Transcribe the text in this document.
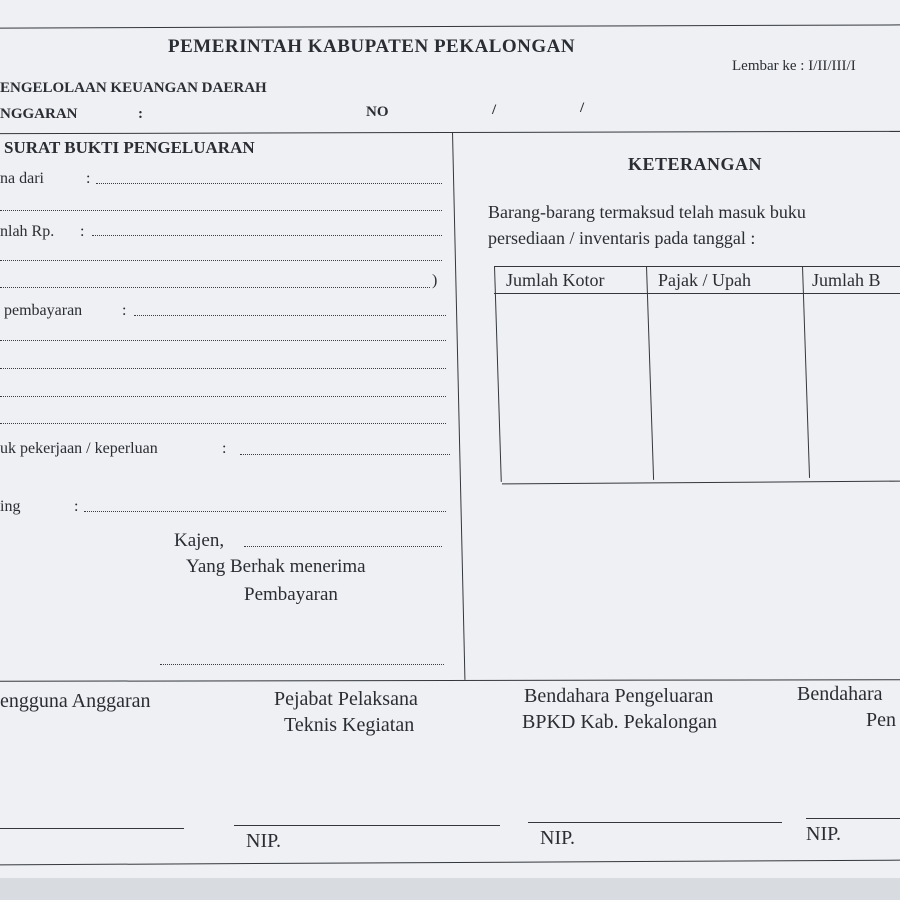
PEMERINTAH KABUPATEN PEKALONGAN
Lembar ke : I/II/III/I
ENGELOLAAN KEUANGAN DAERAH
NGGARAN	:	NO	/	/
SURAT BUKTI PENGELUARAN
na dari	:
nlah Rp. :
)
pembayaran :
uk pekerjaan / keperluan	:
ing	:
Kajen,
Yang Berhak menerima
Pembayaran
KETERANGAN
Barang-barang termaksud telah masuk buku
persediaan / inventaris pada tanggal :
Jumlah Kotor	Pajak / Upah	Jumlah B
engguna Anggaran	Pejabat Pelaksana
Teknis Kegiatan
Bendahara Pengeluaran
BPKD Kab. Pekalongan
Bendahara
Pen
NIP.	NIP.	NIP.
